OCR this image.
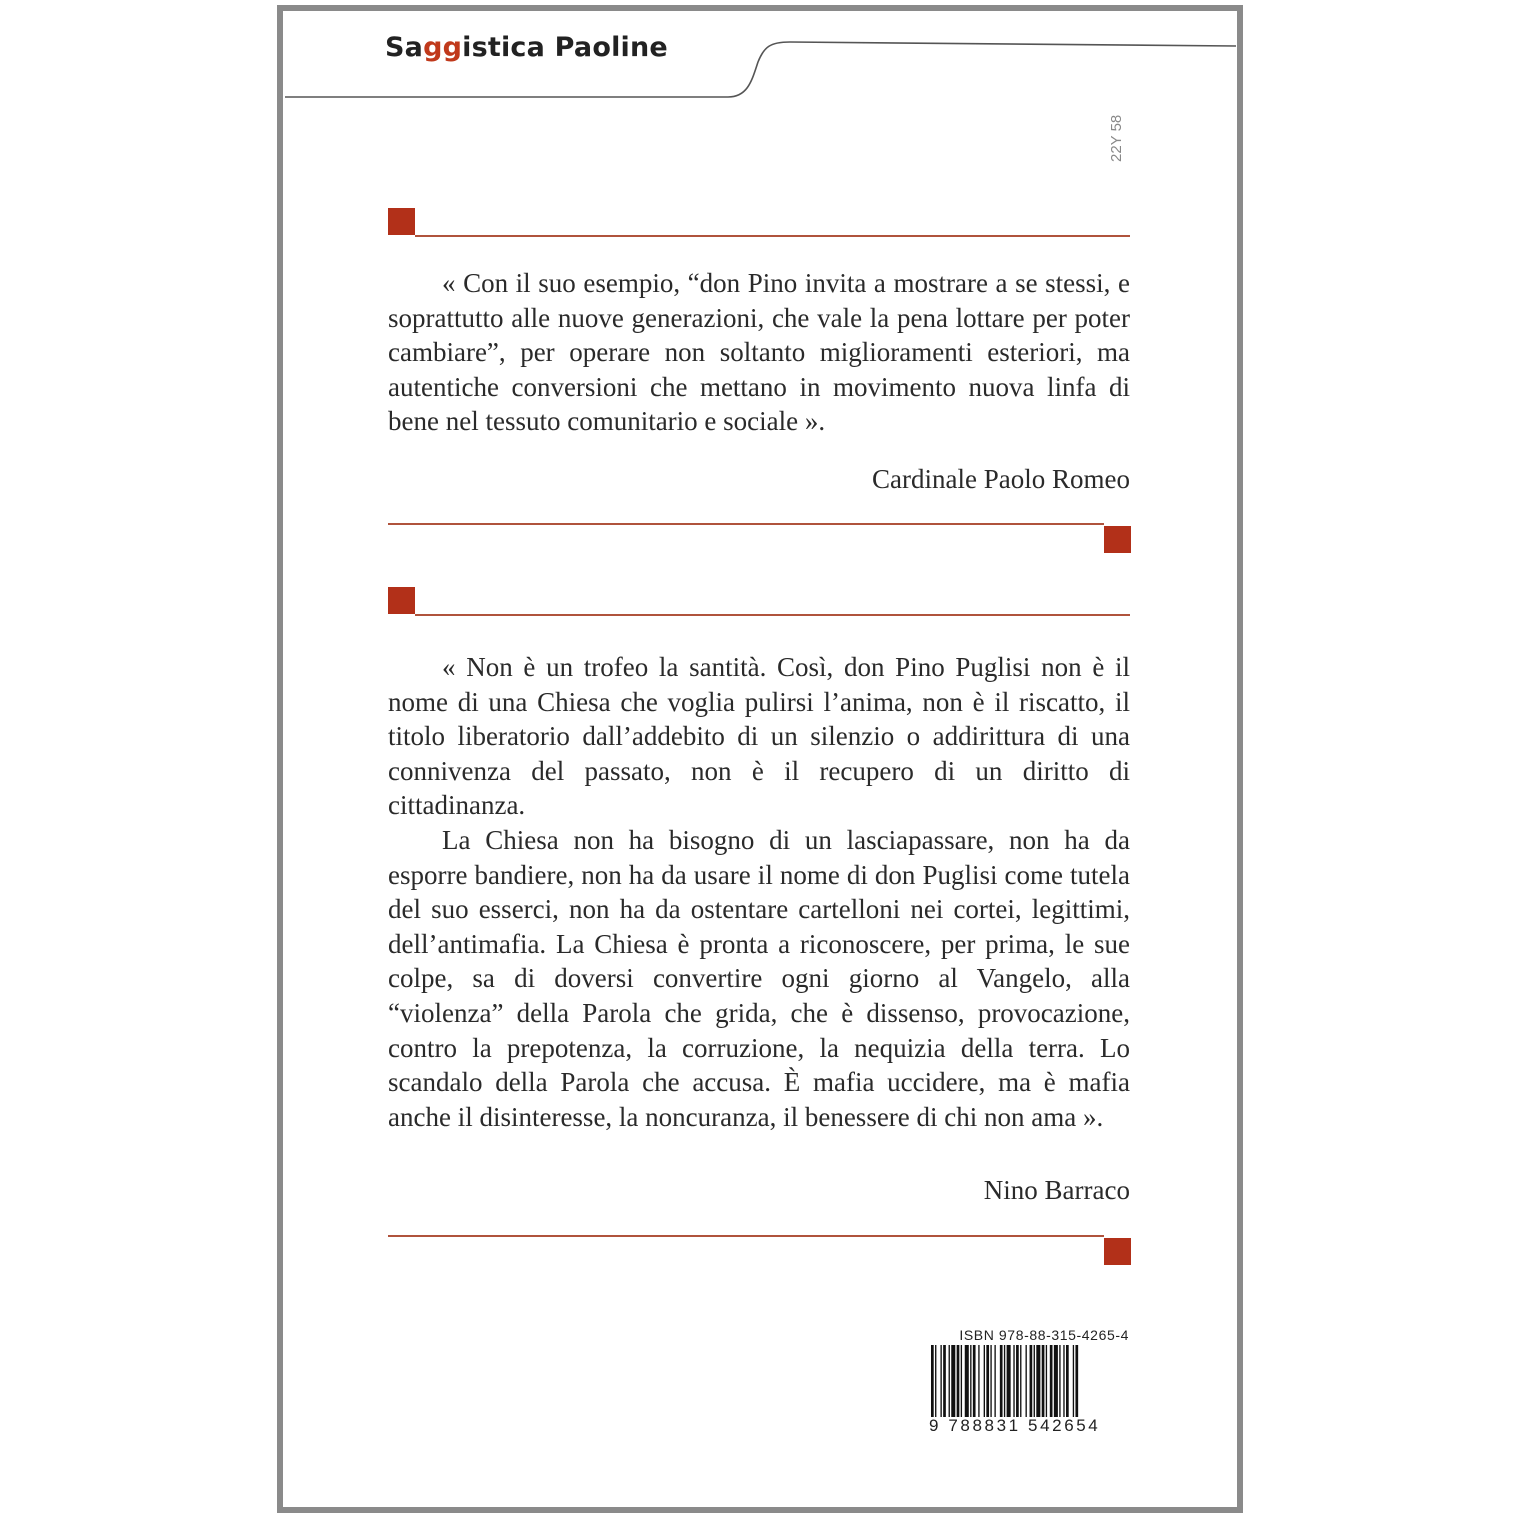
Saggistica Paoline
22Y 58

« Con il suo esempio, “don Pino invita a mostrare a se stessi, e soprattutto alle nuove generazioni, che vale la pena lottare per poter cambiare”, per operare non soltanto miglioramenti esteriori, ma autentiche conversioni che mettano in movimento nuova linfa di bene nel tessuto comunitario e sociale ».

Cardinale Paolo Romeo

« Non è un trofeo la santità. Così, don Pino Puglisi non è il nome di una Chiesa che voglia pulirsi l’anima, non è il riscatto, il titolo liberatorio dall’addebito di un silenzio o addirittura di una connivenza del passato, non è il recupero di un diritto di cittadinanza.

La Chiesa non ha bisogno di un lasciapassare, non ha da esporre bandiere, non ha da usare il nome di don Puglisi come tutela del suo esserci, non ha da ostentare cartelloni nei cortei, legittimi, dell’antimafia. La Chiesa è pronta a riconoscere, per prima, le sue colpe, sa di doversi convertire ogni giorno al Vangelo, alla “violenza” della Parola che grida, che è dissenso, provocazione, contro la prepotenza, la corruzione, la nequizia della terra. Lo scandalo della Parola che accusa. È mafia uccidere, ma è mafia anche il disinteresse, la noncuranza, il benessere di chi non ama ».

Nino Barraco
ISBN 978-88-315-4265-4
9 788831 542654
